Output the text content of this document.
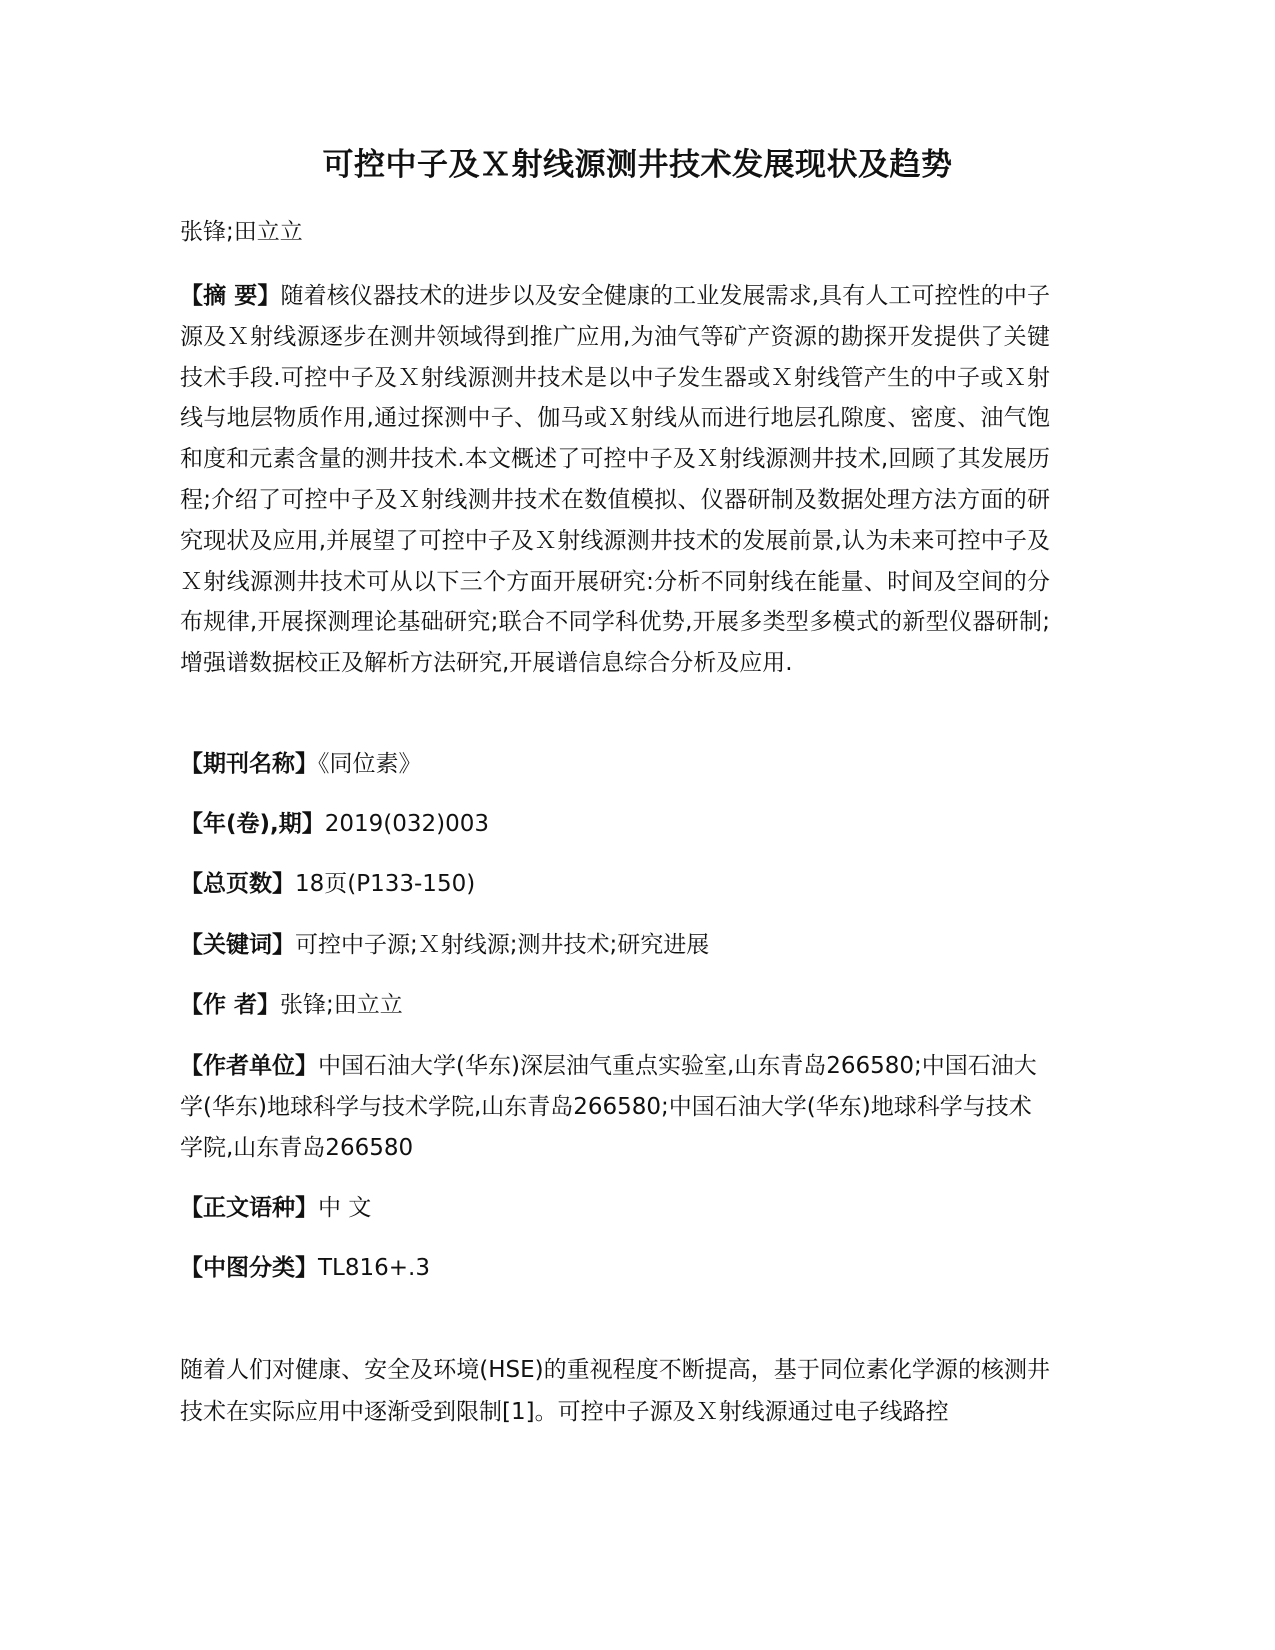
可控中子及Ｘ射线源测井技术发展现状及趋势
张锋;田立立
【摘 要】随着核仪器技术的进步以及安全健康的工业发展需求,具有人工可控性的中子源及Ｘ射线源逐步在测井领域得到推广应用,为油气等矿产资源的勘探开发提供了关键技术手段.可控中子及Ｘ射线源测井技术是以中子发生器或Ｘ射线管产生的中子或Ｘ射线与地层物质作用,通过探测中子、伽马或Ｘ射线从而进行地层孔隙度、密度、油气饱和度和元素含量的测井技术.本文概述了可控中子及Ｘ射线源测井技术,回顾了其发展历程;介绍了可控中子及Ｘ射线测井技术在数值模拟、仪器研制及数据处理方法方面的研究现状及应用,并展望了可控中子及Ｘ射线源测井技术的发展前景,认为未来可控中子及Ｘ射线源测井技术可从以下三个方面开展研究:分析不同射线在能量、时间及空间的分布规律,开展探测理论基础研究;联合不同学科优势,开展多类型多模式的新型仪器研制;增强谱数据校正及解析方法研究,开展谱信息综合分析及应用.
【期刊名称】《同位素》
【年(卷),期】2019(032)003
【总页数】18页(P133-150)
【关键词】可控中子源;Ｘ射线源;测井技术;研究进展
【作 者】张锋;田立立
【作者单位】中国石油大学(华东)深层油气重点实验室,山东青岛266580;中国石油大学(华东)地球科学与技术学院,山东青岛266580;中国石油大学(华东)地球科学与技术学院,山东青岛266580
【正文语种】中 文
【中图分类】TL816+.3
随着人们对健康、安全及环境(HSE)的重视程度不断提高，基于同位素化学源的核测井技术在实际应用中逐渐受到限制[1]。可控中子源及Ｘ射线源通过电子线路控
